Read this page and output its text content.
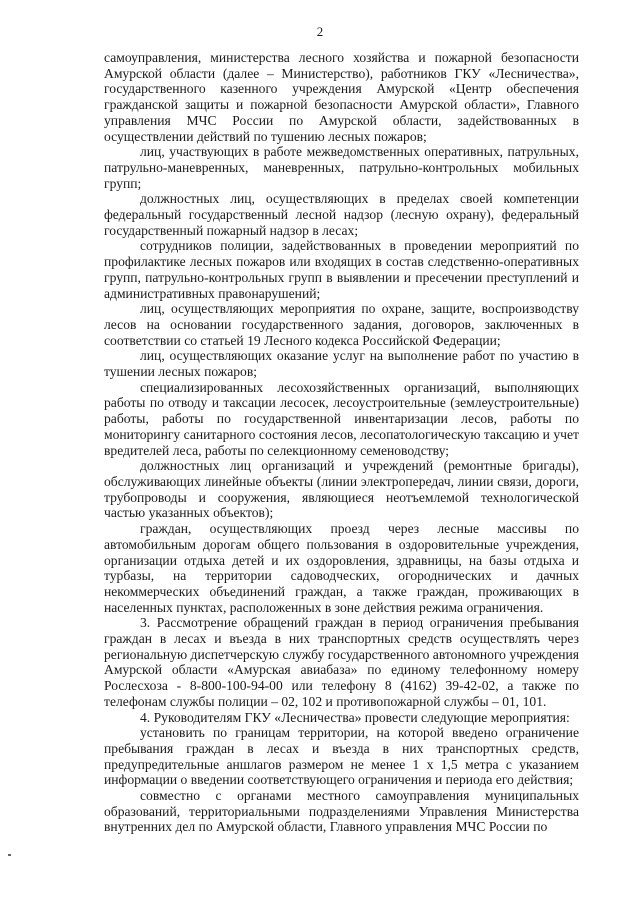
2

самоуправления, министерства лесного хозяйства и пожарной безопасности Амурской области (далее – Министерство), работников ГКУ «Лесничества», государственного казенного учреждения Амурской «Центр обеспечения гражданской защиты и пожарной безопасности Амурской области», Главного управления МЧС России по Амурской области, задействованных в осуществлении действий по тушению лесных пожаров;

лиц, участвующих в работе межведомственных оперативных, патрульных, патрульно-маневренных, маневренных, патрульно-контрольных мобильных групп;

должностных лиц, осуществляющих в пределах своей компетенции федеральный государственный лесной надзор (лесную охрану), федеральный государственный пожарный надзор в лесах;

сотрудников полиции, задействованных в проведении мероприятий по профилактике лесных пожаров или входящих в состав следственно-оперативных групп, патрульно-контрольных групп в выявлении и пресечении преступлений и административных правонарушений;

лиц, осуществляющих мероприятия по охране, защите, воспроизводству лесов на основании государственного задания, договоров, заключенных в соответствии со статьей 19 Лесного кодекса Российской Федерации;

лиц, осуществляющих оказание услуг на выполнение работ по участию в тушении лесных пожаров;

специализированных лесохозяйственных организаций, выполняющих работы по отводу и таксации лесосек, лесоустроительные (землеустроительные) работы, работы по государственной инвентаризации лесов, работы по мониторингу санитарного состояния лесов, лесопатологическую таксацию и учет вредителей леса, работы по селекционному семеноводству;

должностных лиц организаций и учреждений (ремонтные бригады), обслуживающих линейные объекты (линии электропередач, линии связи, дороги, трубопроводы и сооружения, являющиеся неотъемлемой технологической частью указанных объектов);

граждан, осуществляющих проезд через лесные массивы по автомобильным дорогам общего пользования в оздоровительные учреждения, организации отдыха детей и их оздоровления, здравницы, на базы отдыха и турбазы, на территории садоводческих, огороднических и дачных некоммерческих объединений граждан, а также граждан, проживающих в населенных пунктах, расположенных в зоне действия режима ограничения.

3. Рассмотрение обращений граждан в период ограничения пребывания граждан в лесах и въезда в них транспортных средств осуществлять через региональную диспетчерскую службу государственного автономного учреждения Амурской области «Амурская авиабаза» по единому телефонному номеру Рослесхоза - 8-800-100-94-00 или телефону 8 (4162) 39-42-02, а также по телефонам службы полиции – 02, 102 и противопожарной службы – 01, 101.

4. Руководителям ГКУ «Лесничества» провести следующие мероприятия:

установить по границам территории, на которой введено ограничение пребывания граждан в лесах и въезда в них транспортных средств, предупредительные аншлагов размером не менее 1 х 1,5 метра с указанием информации о введении соответствующего ограничения и периода его действия;

совместно с органами местного самоуправления муниципальных образований, территориальными подразделениями Управления Министерства внутренних дел по Амурской области, Главного управления МЧС России по
